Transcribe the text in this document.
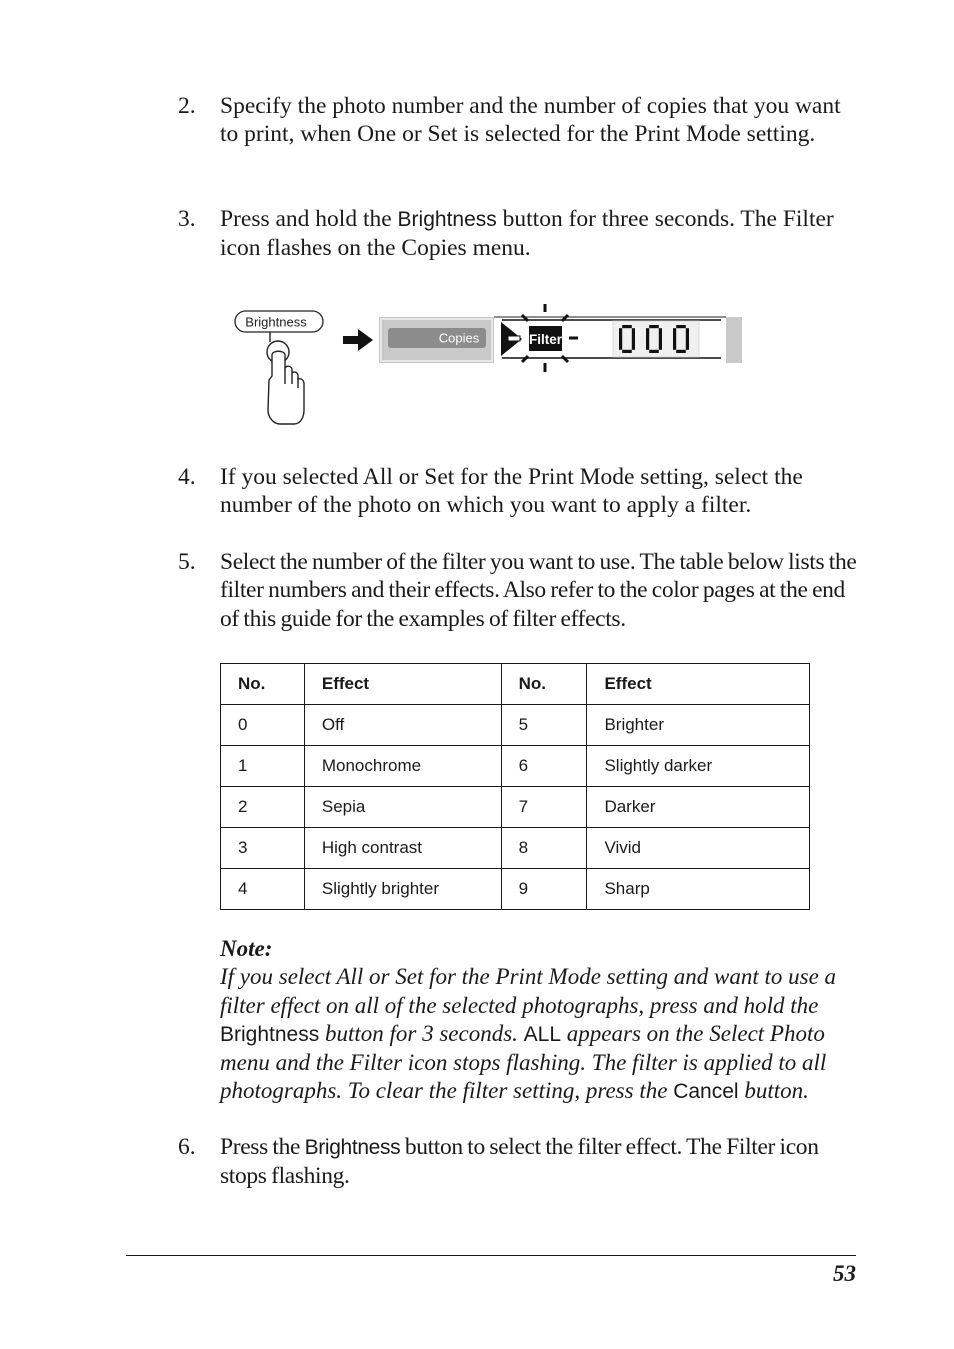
2. Specify the photo number and the number of copies that you want to print, when One or Set is selected for the Print Mode setting.
3. Press and hold the Brightness button for three seconds. The Filter icon flashes on the Copies menu.
Brightness
Copies	Filter
4. If you selected All or Set for the Print Mode setting, select the number of the photo on which you want to apply a filter.
5. Select the number of the filter you want to use. The table below lists the filter numbers and their effects. Also refer to the color pages at the end of this guide for the examples of filter effects.
No.	Effect	No.	Effect
0	Off	5	Brighter
1	Monochrome	6	Slightly darker
2	Sepia	7	Darker
3	High contrast	8	Vivid
4	Slightly brighter	9	Sharp
Note:
If you select All or Set for the Print Mode setting and want to use a filter effect on all of the selected photographs, press and hold the Brightness button for 3 seconds. ALL appears on the Select Photo menu and the Filter icon stops flashing. The filter is applied to all photographs. To clear the filter setting, press the Cancel button.
6. Press the Brightness button to select the filter effect. The Filter icon stops flashing.
53
